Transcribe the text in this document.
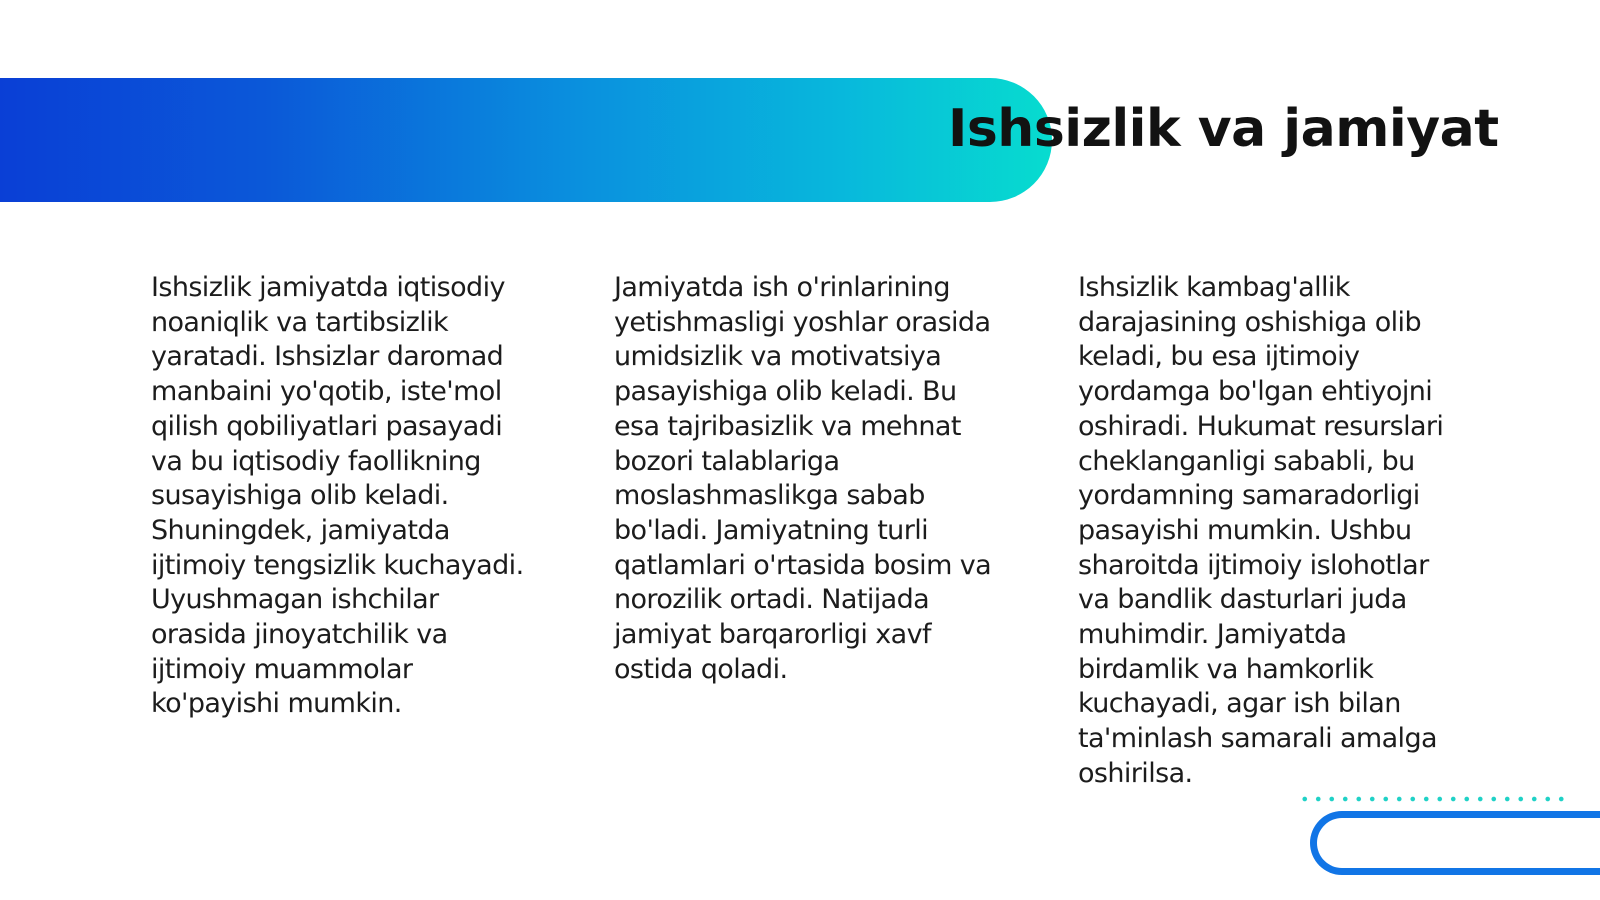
Ishsizlik va jamiyat

Ishsizlik jamiyatda iqtisodiy noaniqlik va tartibsizlik yaratadi. Ishsizlar daromad manbaini yo'qotib, iste'mol qilish qobiliyatlari pasayadi va bu iqtisodiy faollikning susayishiga olib keladi. Shuningdek, jamiyatda ijtimoiy tengsizlik kuchayadi. Uyushmagan ishchilar orasida jinoyatchilik va ijtimoiy muammolar ko'payishi mumkin.

Jamiyatda ish o'rinlarining yetishmasligi yoshlar orasida umidsizlik va motivatsiya pasayishiga olib keladi. Bu esa tajribasizlik va mehnat bozori talablariga moslashmaslikga sabab bo'ladi. Jamiyatning turli qatlamlari o'rtasida bosim va norozilik ortadi. Natijada jamiyat barqarorligi xavf ostida qoladi.

Ishsizlik kambag'allik darajasining oshishiga olib keladi, bu esa ijtimoiy yordamga bo'lgan ehtiyojni oshiradi. Hukumat resurslari cheklanganligi sababli, bu yordamning samaradorligi pasayishi mumkin. Ushbu sharoitda ijtimoiy islohotlar va bandlik dasturlari juda muhimdir. Jamiyatda birdamlik va hamkorlik kuchayadi, agar ish bilan ta'minlash samarali amalga oshirilsa.
